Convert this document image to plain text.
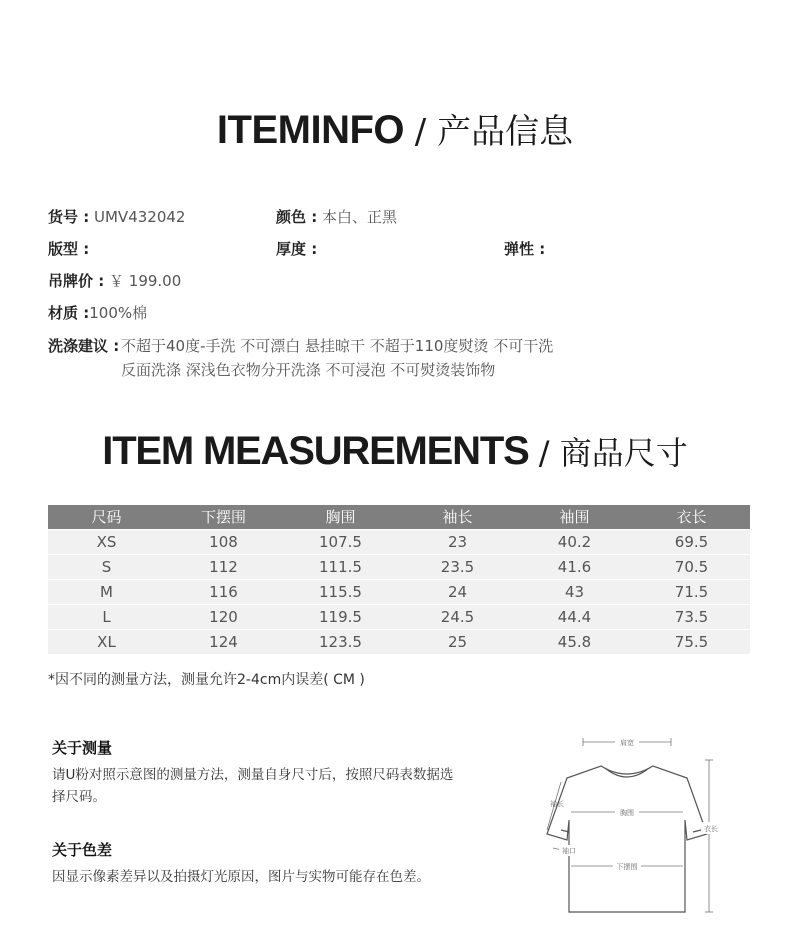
ITEMINFO / 产品信息
货号 : UMV432042	颜色 : 本白、正黑
版型 :	厚度 :	弹性 :
吊牌价 : ￥ 199.00
材质 :100%棉
洗涤建议 : 不超于40度-手洗 不可漂白 悬挂晾干 不超于110度熨烫 不可干洗
反面洗涤 深浅色衣物分开洗涤 不可浸泡 不可熨烫装饰物
ITEM MEASUREMENTS / 商品尺寸
尺码	下摆围	胸围	袖长	袖围	衣长
XS	108	107.5	23	40.2	69.5
S	112	111.5	23.5	41.6	70.5
M	116	115.5	24	43	71.5
L	120	119.5	24.5	44.4	73.5
XL	124	123.5	25	45.8	75.5
*因不同的测量方法，测量允许2-4cm内误差( CM )
关于测量
请U粉对照示意图的测量方法，测量自身尺寸后，按照尺码表数据选
择尺码。
关于色差
因显示像素差异以及拍摄灯光原因，图片与实物可能存在色差。
肩宽
胸围
袖长
袖口
下摆围
衣长
